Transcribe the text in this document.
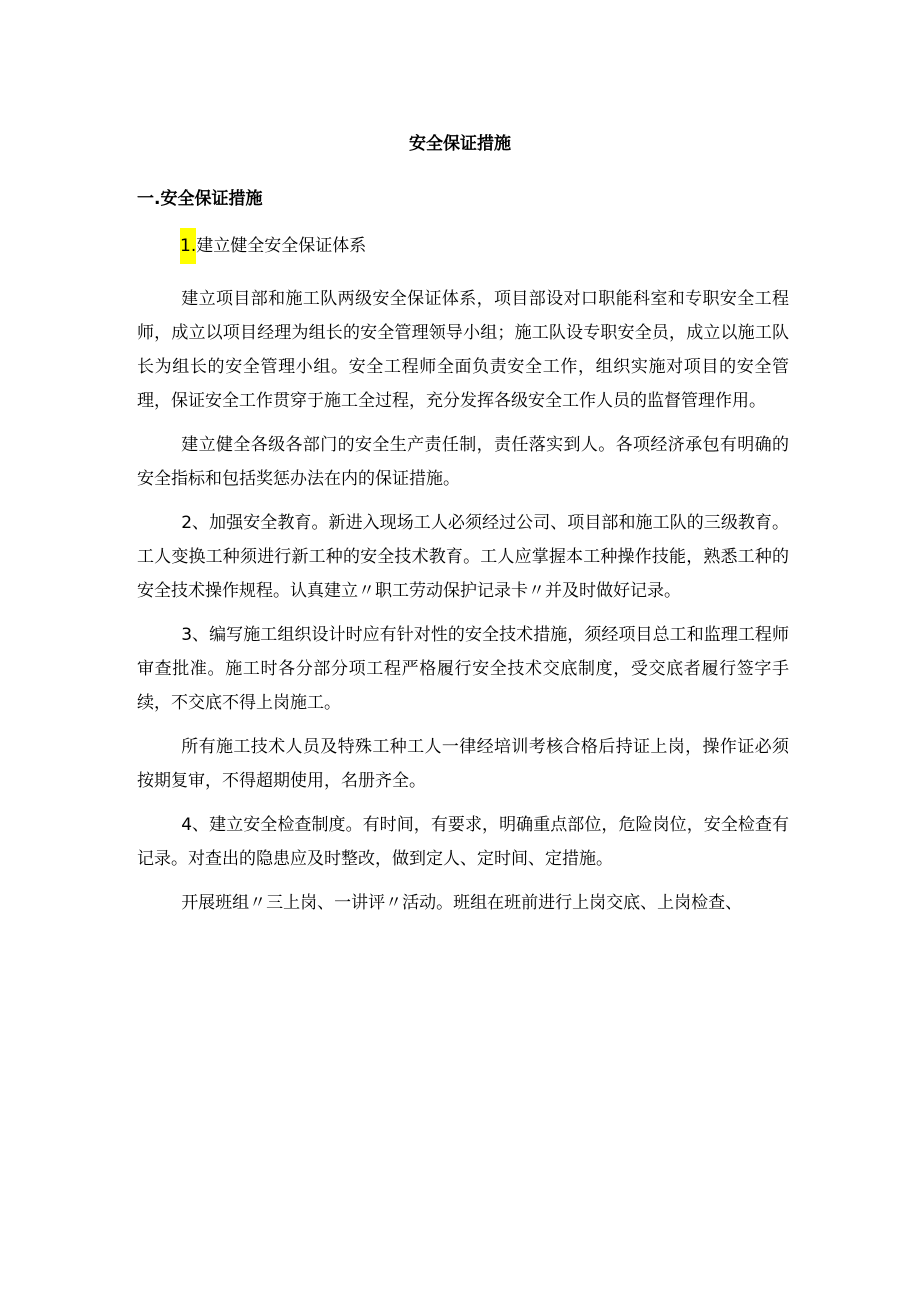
安全保证措施
一.安全保证措施
1.建立健全安全保证体系

建立项目部和施工队两级安全保证体系，项目部设对口职能科室和专职安全工程师，成立以项目经理为组长的安全管理领导小组；施工队设专职安全员，成立以施工队长为组长的安全管理小组。安全工程师全面负责安全工作，组织实施对项目的安全管理，保证安全工作贯穿于施工全过程，充分发挥各级安全工作人员的监督管理作用。

建立健全各级各部门的安全生产责任制，责任落实到人。各项经济承包有明确的安全指标和包括奖惩办法在内的保证措施。

2、加强安全教育。新进入现场工人必须经过公司、项目部和施工队的三级教育。工人变换工种须进行新工种的安全技术教育。工人应掌握本工种操作技能，熟悉工种的安全技术操作规程。认真建立〃职工劳动保护记录卡〃并及时做好记录。

3、编写施工组织设计时应有针对性的安全技术措施，须经项目总工和监理工程师审查批准。施工时各分部分项工程严格履行安全技术交底制度，受交底者履行签字手续，不交底不得上岗施工。

所有施工技术人员及特殊工种工人一律经培训考核合格后持证上岗，操作证必须按期复审，不得超期使用，名册齐全。

4、建立安全检查制度。有时间，有要求，明确重点部位，危险岗位，安全检查有记录。对查出的隐患应及时整改，做到定人、定时间、定措施。

开展班组〃三上岗、一讲评〃活动。班组在班前进行上岗交底、上岗检查、
